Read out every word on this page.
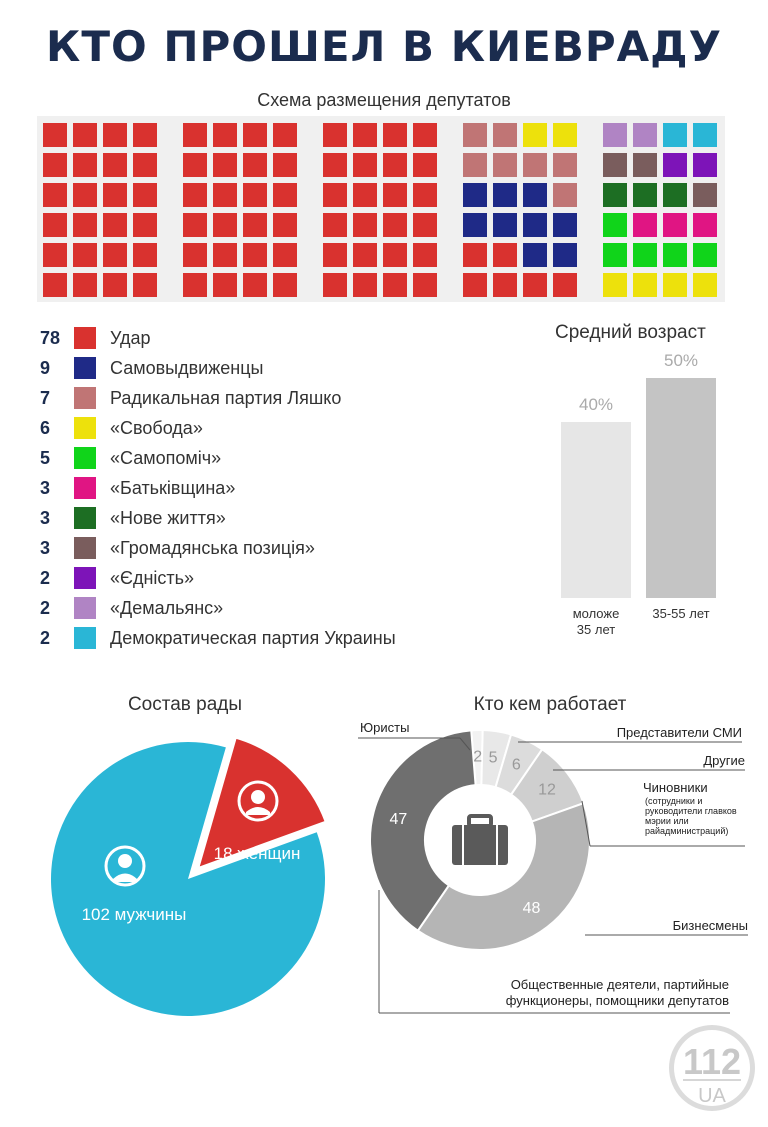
КТО ПРОШЕЛ В КИЕВРАДУ
Схема размещения депутатов
78	Удар
9	Самовыдвиженцы
7	Радикальная партия Ляшко
6	«Свобода»
5	«Самопоміч»
3	«Батьківщина»
3	«Нове життя»
3	«Громадянська позиція»
2	«Єдність»
2	«Демальянс»
2	Демократическая партия Украины
Средний возраст
40%
моложе
35 лет
50%
35-55 лет
Состав рады	Кто кем работает
18 женщин
102 мужчины
2 5 6
12
48
47
Юристы	Представители СМИ
Другие
Чиновники
(сотрудники и
руководители главков
мэрии или
райадминистраций)
Бизнесмены
Общественные деятели, партийные
функционеры, помощники депутатов
112
UA
